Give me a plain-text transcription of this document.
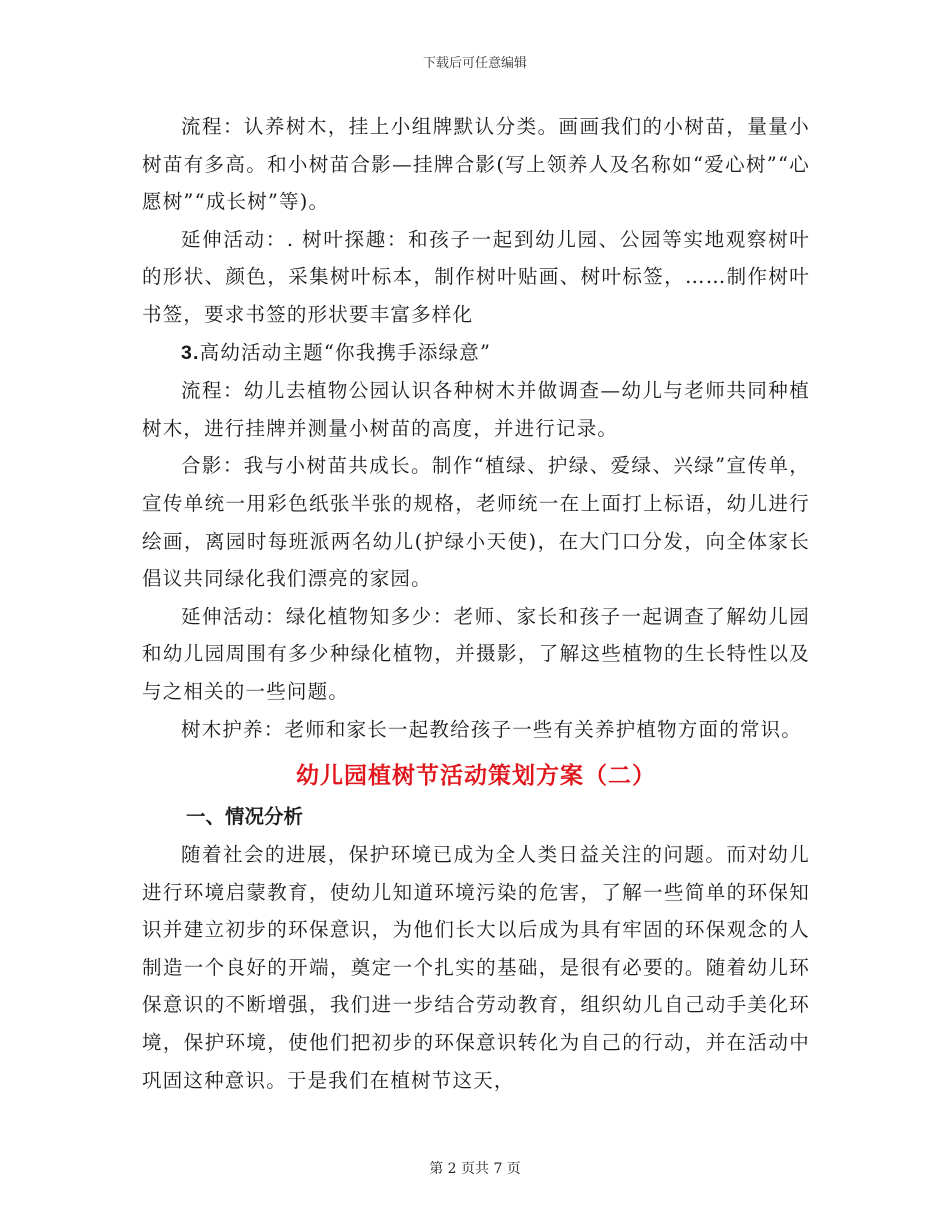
下载后可任意编辑

流程：认养树木，挂上小组牌默认分类。画画我们的小树苗，量量小树苗有多高。和小树苗合影—挂牌合影(写上领养人及名称如“爱心树”“心愿树”“成长树”等)。

延伸活动：. 树叶探趣：和孩子一起到幼儿园、公园等实地观察树叶的形状、颜色，采集树叶标本，制作树叶贴画、树叶标签，……制作树叶书签，要求书签的形状要丰富多样化

3.高幼活动主题“你我携手添绿意”

流程：幼儿去植物公园认识各种树木并做调查—幼儿与老师共同种植树木，进行挂牌并测量小树苗的高度，并进行记录。

合影：我与小树苗共成长。制作“植绿、护绿、爱绿、兴绿”宣传单，宣传单统一用彩色纸张半张的规格，老师统一在上面打上标语，幼儿进行绘画，离园时每班派两名幼儿(护绿小天使)，在大门口分发，向全体家长倡议共同绿化我们漂亮的家园。

延伸活动：绿化植物知多少：老师、家长和孩子一起调查了解幼儿园和幼儿园周围有多少种绿化植物，并摄影，了解这些植物的生长特性以及与之相关的一些问题。

树木护养：老师和家长一起教给孩子一些有关养护植物方面的常识。

幼儿园植树节活动策划方案（二）
一、情况分析

随着社会的进展，保护环境已成为全人类日益关注的问题。而对幼儿进行环境启蒙教育，使幼儿知道环境污染的危害，了解一些简单的环保知识并建立初步的环保意识，为他们长大以后成为具有牢固的环保观念的人制造一个良好的开端，奠定一个扎实的基础，是很有必要的。随着幼儿环保意识的不断增强，我们进一步结合劳动教育，组织幼儿自己动手美化环境，保护环境，使他们把初步的环保意识转化为自己的行动，并在活动中巩固这种意识。于是我们在植树节这天，

第 2 页共 7 页
